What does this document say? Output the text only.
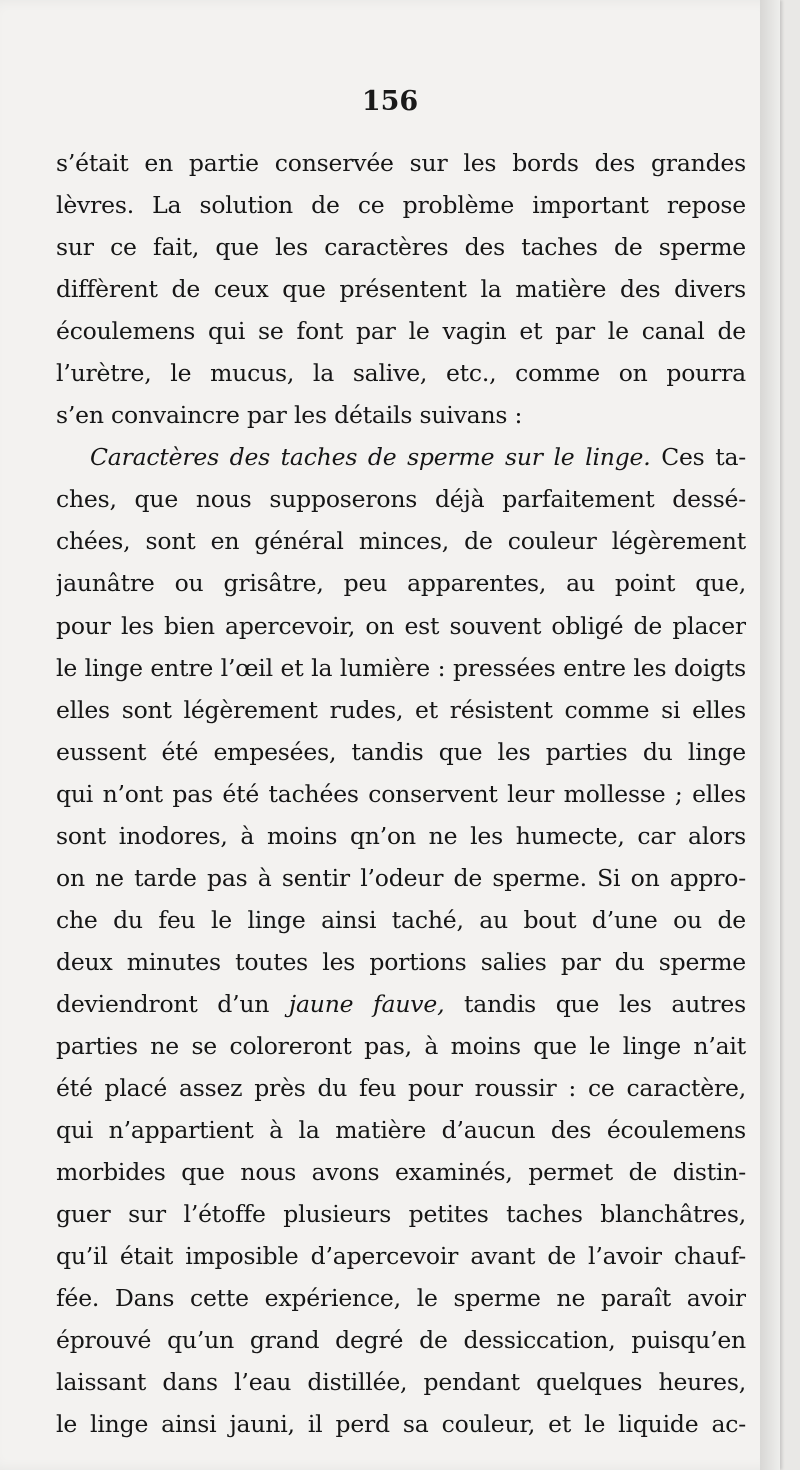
156
s’était en partie conservée sur les bords des grandes
lèvres. La solution de ce problème important repose
sur ce fait, que les caractères des taches de sperme
diffèrent de ceux que présentent la matière des divers
écoulemens qui se font par le vagin et par le canal de
l’urètre, le mucus, la salive, etc., comme on pourra
s’en convaincre par les détails suivans :
Caractères des taches de sperme sur le linge. Ces ta-
ches, que nous supposerons déjà parfaitement dessé-
chées, sont en général minces, de couleur légèrement
jaunâtre ou grisâtre, peu apparentes, au point que,
pour les bien apercevoir, on est souvent obligé de placer
le linge entre l’œil et la lumière : pressées entre les doigts
elles sont légèrement rudes, et résistent comme si elles
eussent été empesées, tandis que les parties du linge
qui n’ont pas été tachées conservent leur mollesse ; elles
sont inodores, à moins qn’on ne les humecte, car alors
on ne tarde pas à sentir l’odeur de sperme. Si on appro-
che du feu le linge ainsi taché, au bout d’une ou de
deux minutes toutes les portions salies par du sperme
deviendront d’un jaune fauve, tandis que les autres
parties ne se coloreront pas, à moins que le linge n’ait
été placé assez près du feu pour roussir : ce caractère,
qui n’appartient à la matière d’aucun des écoulemens
morbides que nous avons examinés, permet de distin-
guer sur l’étoffe plusieurs petites taches blanchâtres,
qu’il était imposible d’apercevoir avant de l’avoir chauf-
fée. Dans cette expérience, le sperme ne paraît avoir
éprouvé qu’un grand degré de dessiccation, puisqu’en
laissant dans l’eau distillée, pendant quelques heures,
le linge ainsi jauni, il perd sa couleur, et le liquide ac-
